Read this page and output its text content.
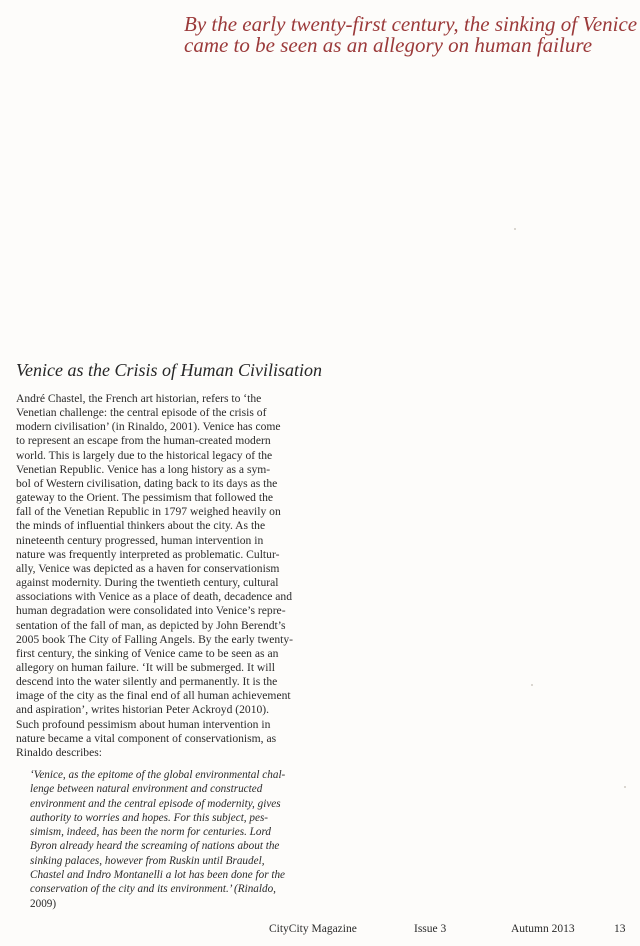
By the early twenty-first century, the sinking of Venice
came to be seen as an allegory on human failure
Venice as the Crisis of Human Civilisation
André Chastel, the French art historian, refers to ‘the
Venetian challenge: the central episode of the crisis of
modern civilisation’ (in Rinaldo, 2001). Venice has come
to represent an escape from the human-created modern
world. This is largely due to the historical legacy of the
Venetian Republic. Venice has a long history as a sym-
bol of Western civilisation, dating back to its days as the
gateway to the Orient. The pessimism that followed the
fall of the Venetian Republic in 1797 weighed heavily on
the minds of influential thinkers about the city. As the
nineteenth century progressed, human intervention in
nature was frequently interpreted as problematic. Cultur-
ally, Venice was depicted as a haven for conservationism
against modernity. During the twentieth century, cultural
associations with Venice as a place of death, decadence and
human degradation were consolidated into Venice’s repre-
sentation of the fall of man, as depicted by John Berendt’s
2005 book The City of Falling Angels. By the early twenty-
first century, the sinking of Venice came to be seen as an
allegory on human failure. ‘It will be submerged. It will
descend into the water silently and permanently. It is the
image of the city as the final end of all human achievement
and aspiration’, writes historian Peter Ackroyd (2010).
Such profound pessimism about human intervention in
nature became a vital component of conservationism, as
Rinaldo describes:
‘Venice, as the epitome of the global environmental chal-
lenge between natural environment and constructed
environment and the central episode of modernity, gives
authority to worries and hopes. For this subject, pes-
simism, indeed, has been the norm for centuries. Lord
Byron already heard the screaming of nations about the
sinking palaces, however from Ruskin until Braudel,
Chastel and Indro Montanelli a lot has been done for the
conservation of the city and its environment.’ (Rinaldo,
2009)
CityCity Magazine	Issue 3	Autumn 2013	13
